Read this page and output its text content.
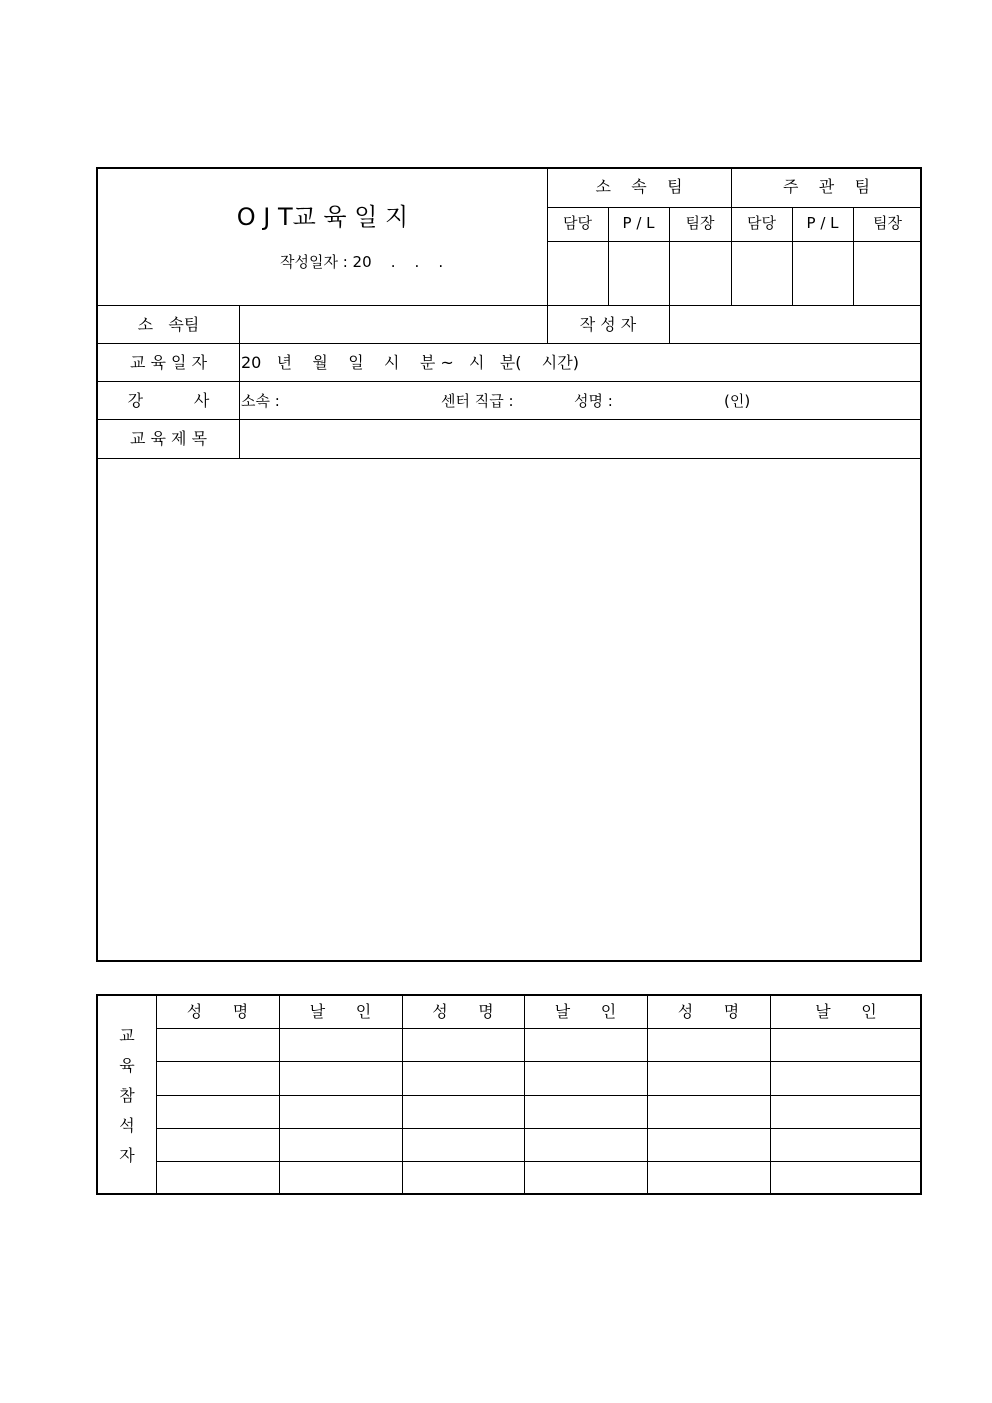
O J T교 육 일 지
작성일자 : 20    .    .    .
소    속    팀	주    관    팀
담당	P / L	팀장	담당	P / L	팀장
소   속팀	작 성 자
교 육 일 자	20   년    월    일    시    분 ~   시   분(    시간)
강          사	소속 :	센터 직급 :	성명 :	(인)
교 육 제 목
교
육
참
석
자
성      명	날      인	성      명	날      인	성      명	날      인
